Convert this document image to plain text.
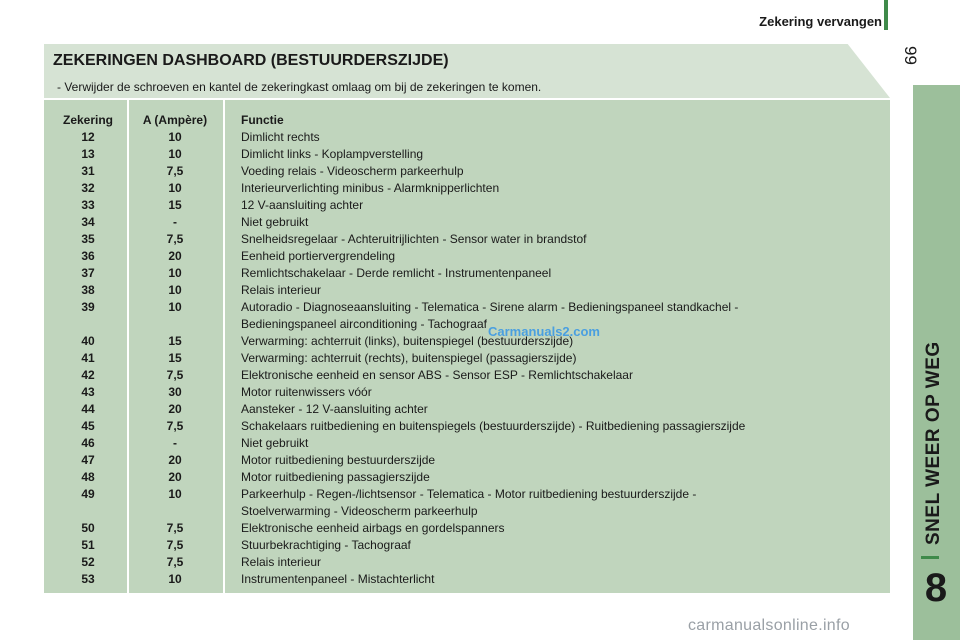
Zekering vervangen
99
SNEL WEER OP WEG
8
ZEKERINGEN DASHBOARD (BESTUURDERSZIJDE)
- Verwijder de schroeven en kantel de zekeringkast omlaag om bij de zekeringen te komen.
Zekering	A (Ampère)	Functie
12	10	Dimlicht rechts
13	10	Dimlicht links - Koplampverstelling
31	7,5	Voeding relais - Videoscherm parkeerhulp
32	10	Interieurverlichting minibus - Alarmknipperlichten
33	15	12 V-aansluiting achter
34	-	Niet gebruikt
35	7,5	Snelheidsregelaar - Achteruitrijlichten - Sensor water in brandstof
36	20	Eenheid portiervergrendeling
37	10	Remlichtschakelaar - Derde remlicht - Instrumentenpaneel
38	10	Relais interieur
39	10	Autoradio - Diagnoseaansluiting - Telematica - Sirene alarm - Bedieningspaneel standkachel -
Bedieningspaneel airconditioning - Tachograaf
40	15	Verwarming: achterruit (links), buitenspiegel (bestuurderszijde)
41	15	Verwarming: achterruit (rechts), buitenspiegel (passagierszijde)
42	7,5	Elektronische eenheid en sensor ABS - Sensor ESP - Remlichtschakelaar
43	30	Motor ruitenwissers vóór
44	20	Aansteker - 12 V-aansluiting achter
45	7,5	Schakelaars ruitbediening en buitenspiegels (bestuurderszijde) - Ruitbediening passagierszijde
46	-	Niet gebruikt
47	20	Motor ruitbediening bestuurderszijde
48	20	Motor ruitbediening passagierszijde
49	10	Parkeerhulp - Regen-/lichtsensor - Telematica - Motor ruitbediening bestuurderszijde -
Stoelverwarming - Videoscherm parkeerhulp
50	7,5	Elektronische eenheid airbags en gordelspanners
51	7,5	Stuurbekrachtiging - Tachograaf
52	7,5	Relais interieur
53	10	Instrumentenpaneel - Mistachterlicht
Carmanuals2.com
carmanualsonline.info
